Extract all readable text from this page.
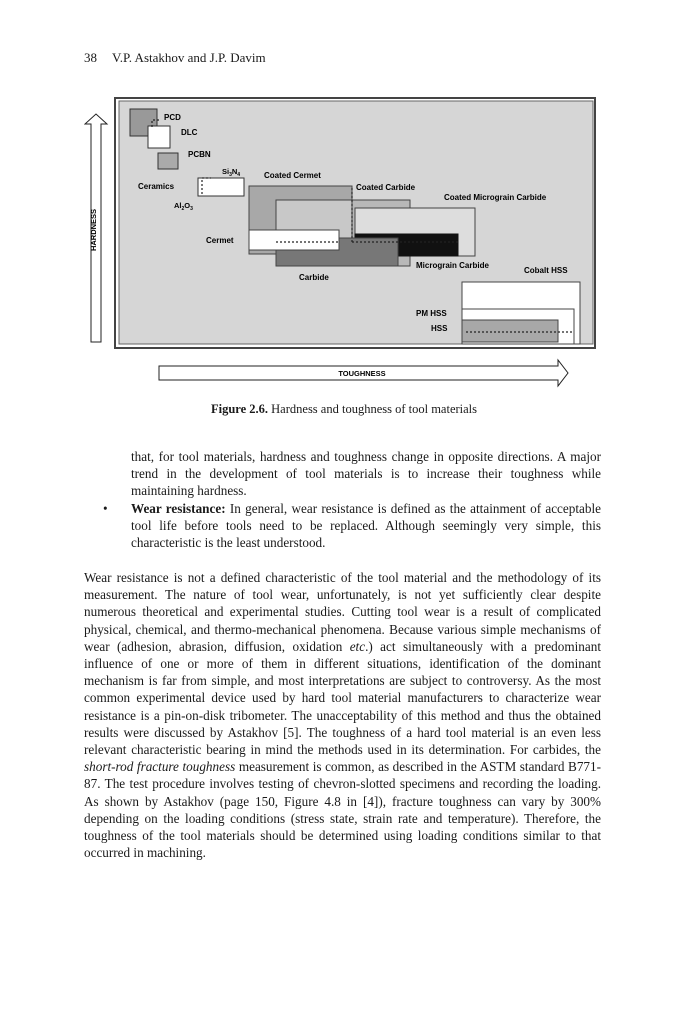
38 V.P. Astakhov and J.P. Davim
HARDNESS
PCD
DLC
PCBN
$Si_3N_4$	Coated Cermet
Ceramics	Coated Carbide
Coated Micrograin Carbide
$Al_2O_3$
Cermet
Micrograin Carbide
Carbide
Cobalt HSS
PM HSS
HSS
TOUGHNESS
Figure 2.6. Hardness and toughness of tool materials

that, for tool materials, hardness and toughness change in opposite directions. A major trend in the development of tool materials is to increase their toughness while maintaining hardness.

• Wear resistance: In general, wear resistance is defined as the attainment of acceptable tool life before tools need to be replaced. Although seemingly very simple, this characteristic is the least understood.

Wear resistance is not a defined characteristic of the tool material and the methodology of its measurement. The nature of tool wear, unfortunately, is not yet sufficiently clear despite numerous theoretical and experimental studies. Cutting tool wear is a result of complicated physical, chemical, and thermo-mechanical phenomena. Because various simple mechanisms of wear (adhesion, abrasion, diffusion, oxidation etc.) act simultaneously with a predominant influence of one or more of them in different situations, identification of the dominant mechanism is far from simple, and most interpretations are subject to controversy. As the most common experimental device used by hard tool material manufacturers to characterize wear resistance is a pin-on-disk tribometer. The unacceptability of this method and thus the obtained results were discussed by Astakhov [5]. The toughness of a hard tool material is an even less relevant characteristic bearing in mind the methods used in its determination. For carbides, the short-rod fracture toughness measurement is common, as described in the ASTM standard B771-87. The test procedure involves testing of chevron-slotted specimens and recording the loading. As shown by Astakhov (page 150, Figure 4.8 in [4]), fracture toughness can vary by 300% depending on the loading conditions (stress state, strain rate and temperature). Therefore, the toughness of the tool materials should be determined using loading conditions similar to that occurred in machining.
